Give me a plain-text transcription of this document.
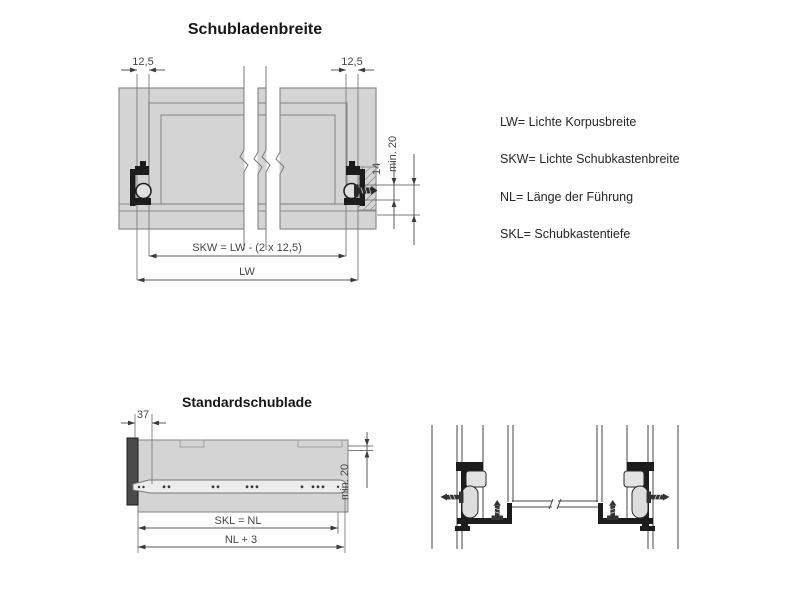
Schubladenbreite
12,5	12,5
14 min. 20
SKW = LW - (2 x 12,5)
LW
Standardschublade
37
min. 20
SKL = NL
NL + 3
LW= Lichte Korpusbreite
SKW= Lichte Schubkastenbreite
NL= Länge der Führung
SKL= Schubkastentiefe
